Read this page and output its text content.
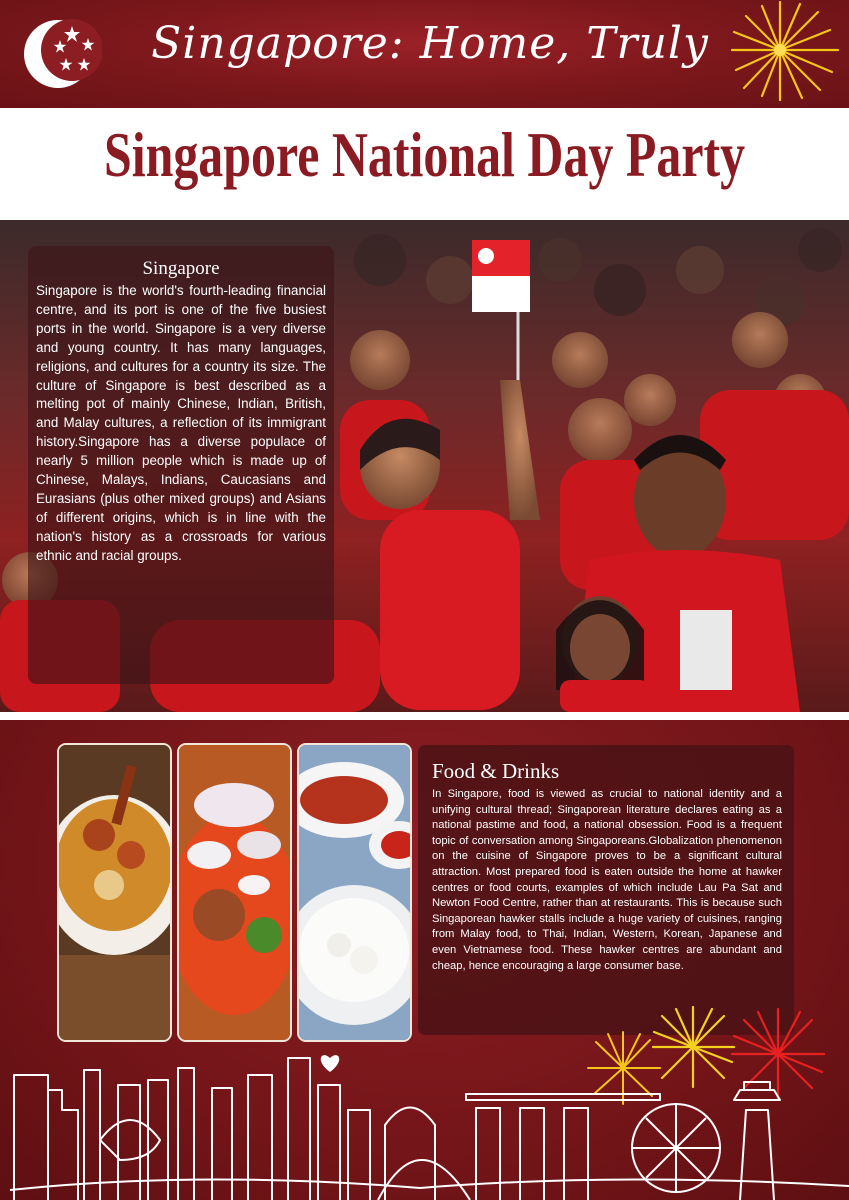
Singapore: Home, Truly
Singapore National Day Party
Singapore
Singapore is the world's fourth-leading financial centre, and its port is one of the five busiest ports in the world. Singapore is a very diverse and young country. It has many languages, religions, and cultures for a country its size. The culture of Singapore is best described as a melting pot of mainly Chinese, Indian, British, and Malay cultures, a reflection of its immigrant history.Singapore has a diverse populace of nearly 5 million people which is made up of Chinese, Malays, Indians, Caucasians and Eurasians (plus other mixed groups) and Asians of different origins, which is in line with the nation's history as a crossroads for various ethnic and racial groups.
Food & Drinks
In Singapore, food is viewed as crucial to national identity and a unifying cultural thread; Singaporean literature declares eating as a national pastime and food, a national obsession. Food is a frequent topic of conversation among Singaporeans.Globalization phenomenon on the cuisine of Singapore proves to be a significant cultural attraction. Most prepared food is eaten outside the home at hawker centres or food courts, examples of which include Lau Pa Sat and Newton Food Centre, rather than at restaurants. This is because such Singaporean hawker stalls include a huge variety of cuisines, ranging from Malay food, to Thai, Indian, Western, Korean, Japanese and even Vietnamese food. These hawker centres are abundant and cheap, hence encouraging a large consumer base.
